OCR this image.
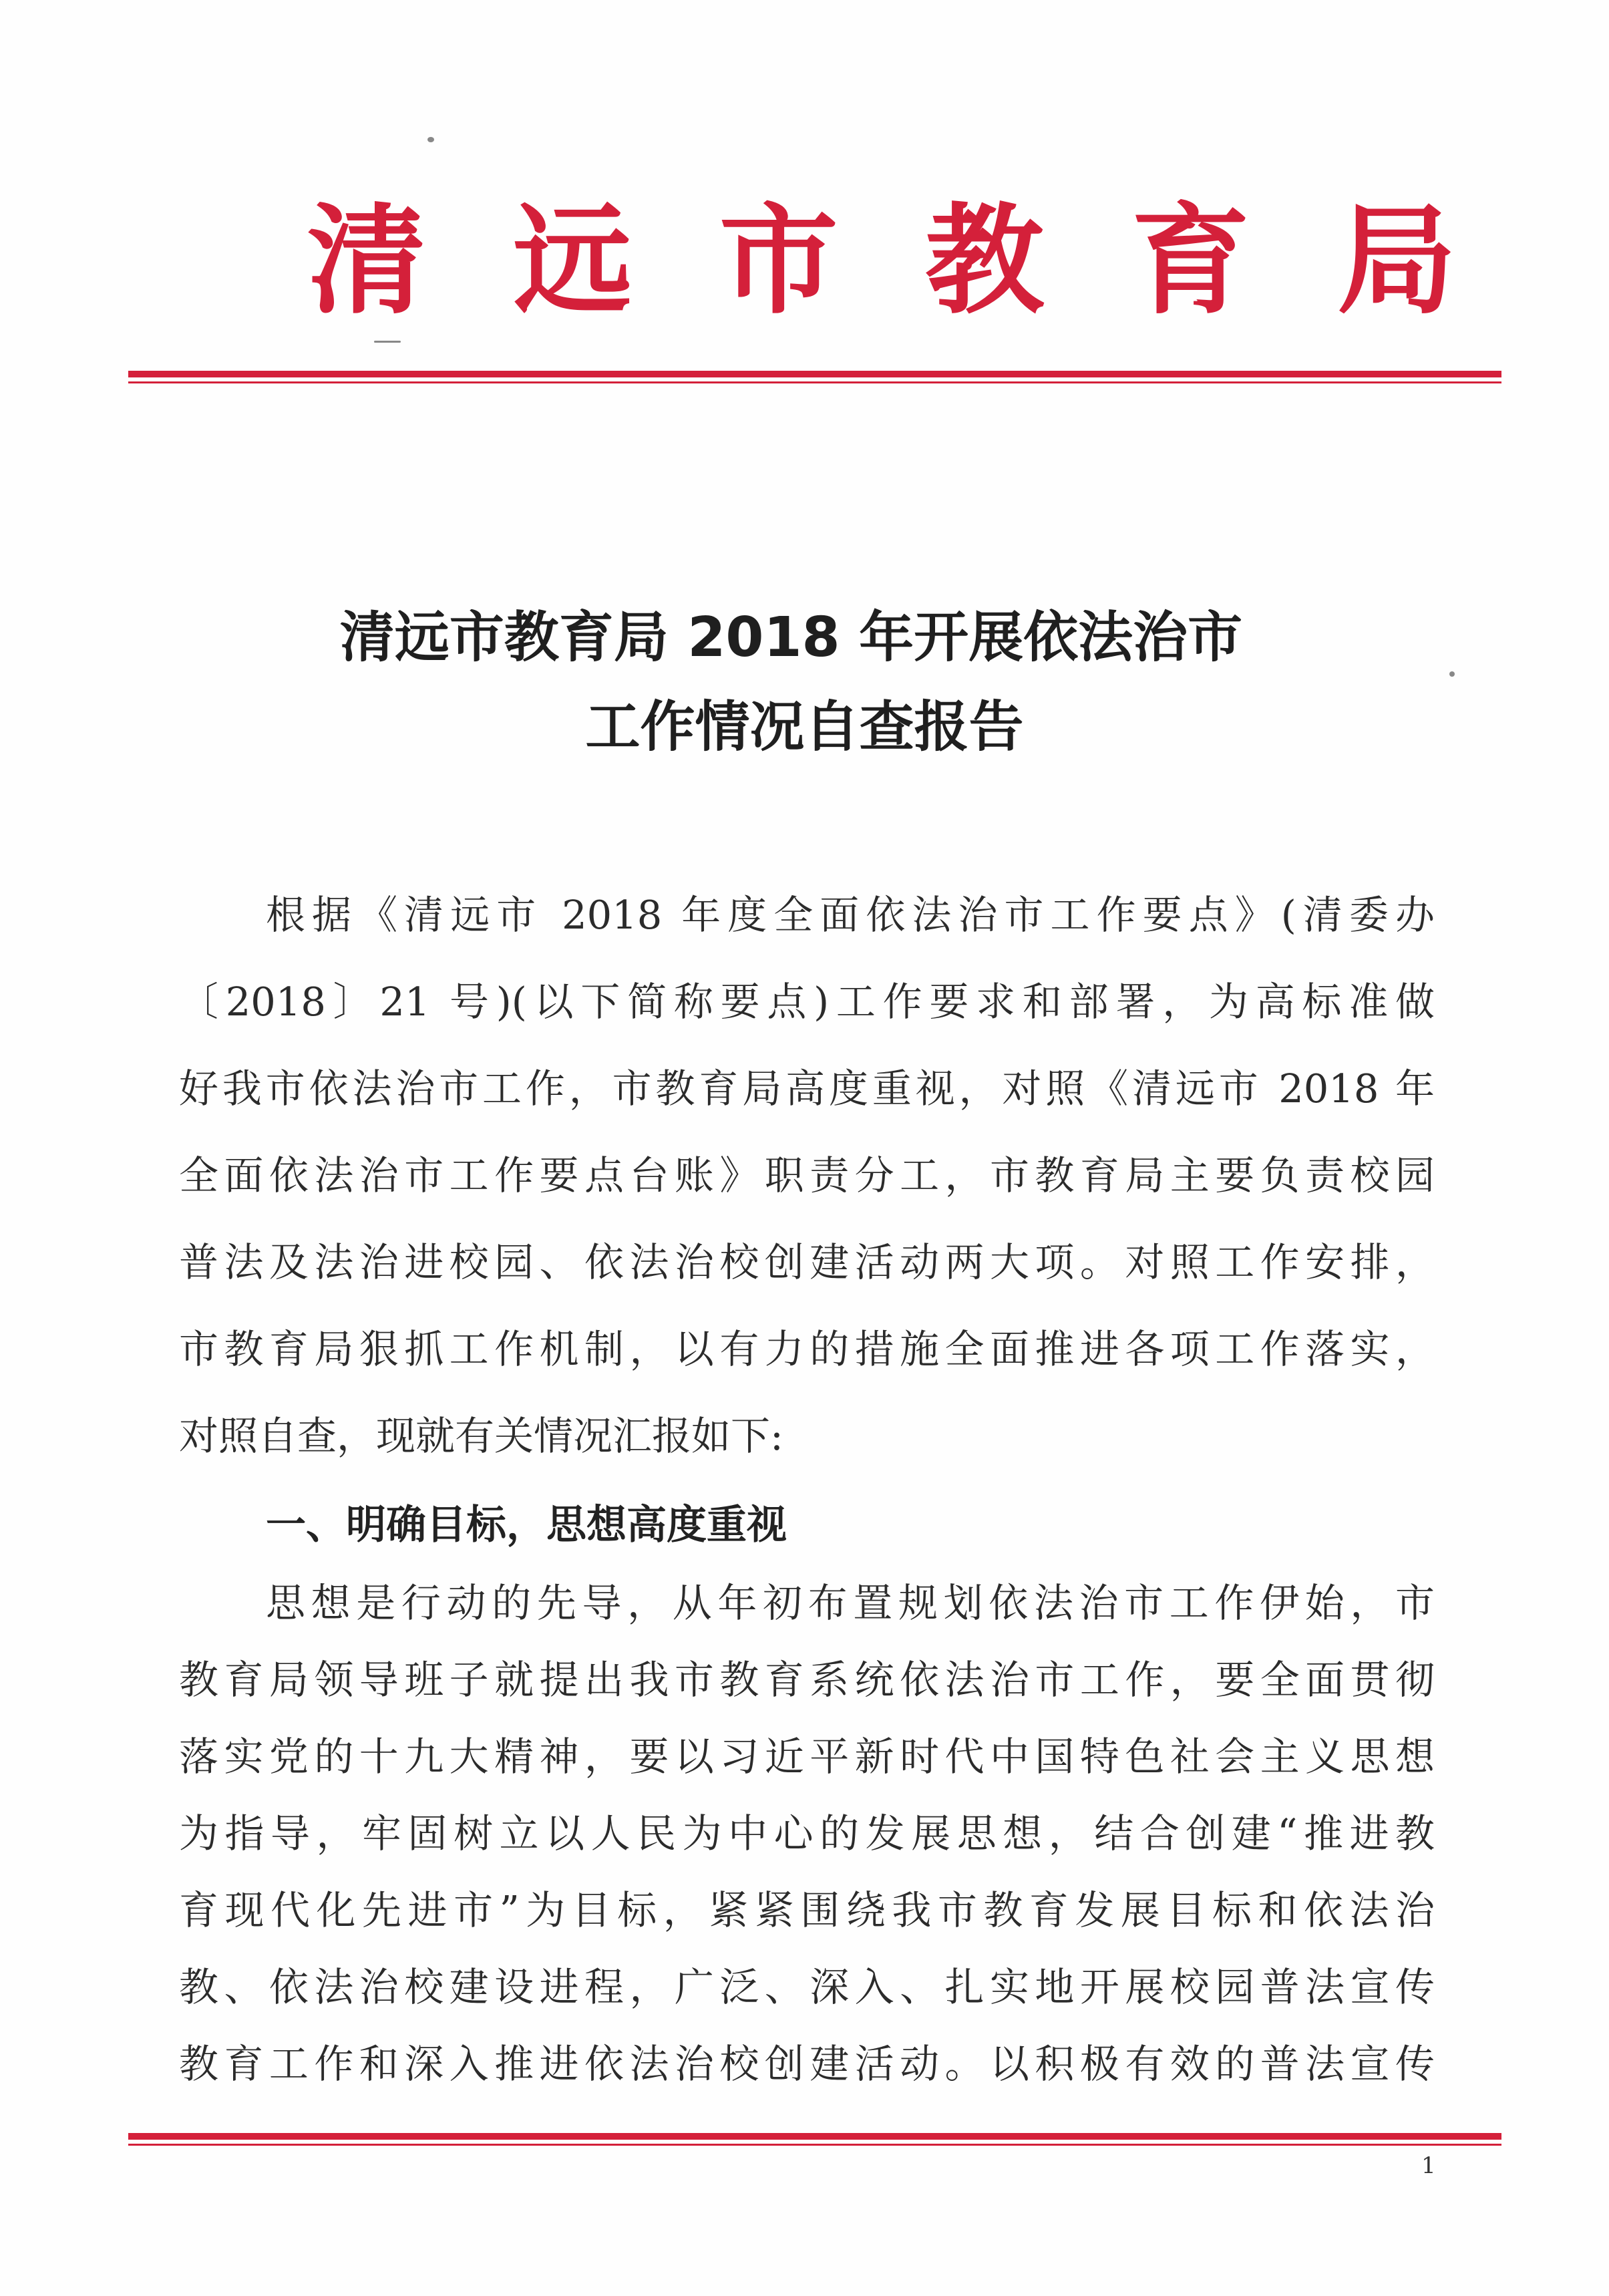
清 远 市 教 育 局
清远市教育局 2018 年开展依法治市
工作情况自查报告
根据《清远市 2018 年度全面依法治市工作要点》(清委办
〔2018〕21 号)(以下简称要点)工作要求和部署，为高标准做
好我市依法治市工作，市教育局高度重视，对照《清远市 2018 年
全面依法治市工作要点台账》职责分工，市教育局主要负责校园
普法及法治进校园、依法治校创建活动两大项。对照工作安排，
市教育局狠抓工作机制，以有力的措施全面推进各项工作落实，
对照自查，现就有关情况汇报如下:
一、明确目标，思想高度重视
思想是行动的先导，从年初布置规划依法治市工作伊始，市
教育局领导班子就提出我市教育系统依法治市工作，要全面贯彻
落实党的十九大精神，要以习近平新时代中国特色社会主义思想
为指导，牢固树立以人民为中心的发展思想，结合创建“推进教
育现代化先进市”为目标，紧紧围绕我市教育发展目标和依法治
教、依法治校建设进程，广泛、深入、扎实地开展校园普法宣传
教育工作和深入推进依法治校创建活动。以积极有效的普法宣传
1
